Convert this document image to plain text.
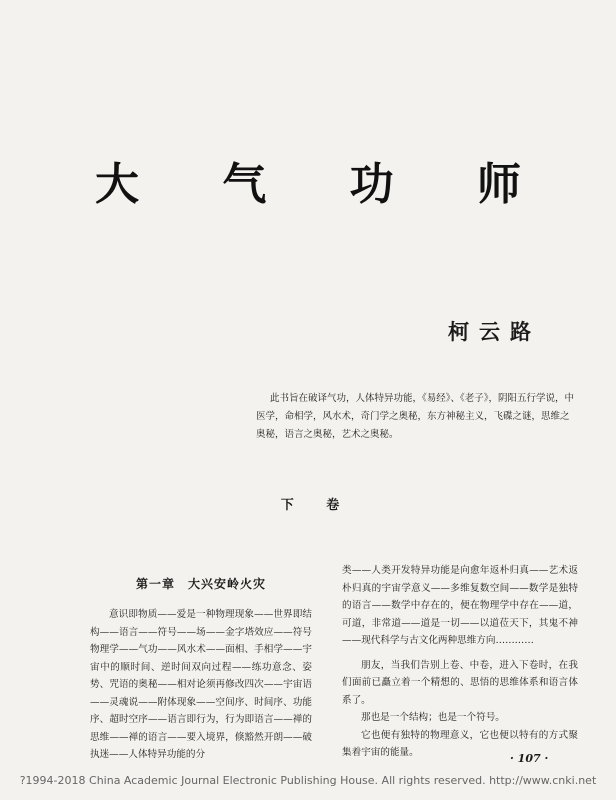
大 气 功 师
柯云路
此书旨在破译气功，人体特异功能，《易经》、《老子》，阴阳五行学说，中医学，命相学，风水术，奇门学之奥秘，东方神秘主义，飞碟之谜，思维之奥秘，语言之奥秘，艺术之奥秘。
下 卷
第一章　大兴安岭火灾

意识即物质——爱是一种物理现象——世界即结构——语言——符号——场——金字塔效应——符号物理学——气功——风水术——面相、手相学——宇宙中的顺时间、逆时间双向过程——练功意念、姿势、咒语的奥秘——相对论须再修改四次——宇宙语——灵魂说——附体现象——空间序、时间序、功能序、超时空序——语言即行为，行为即语言——禅的思维——禅的语言——要入境界，倏豁然开朗——破执迷——人体特异功能的分

类——人类开发特异功能是向愈年返朴归真——艺术返朴归真的宇宙学意义——多维复数空间——数学是独特的语言——数学中存在的，便在物理学中存在——道，可道，非常道——道是一切——以道莅天下，其鬼不神——现代科学与古文化两种思维方向…………

朋友，当我们告别上卷、中卷，进入下卷时，在我们面前已矗立着一个精想的、思悟的思维体系和语言体系了。

那也是一个结构；也是一个符号。

它也便有独特的物理意义，它也便以特有的方式聚集着宇宙的能量。	· 107 ·
?1994-2018 China Academic Journal Electronic Publishing House. All rights reserved. http://www.cnki.net
